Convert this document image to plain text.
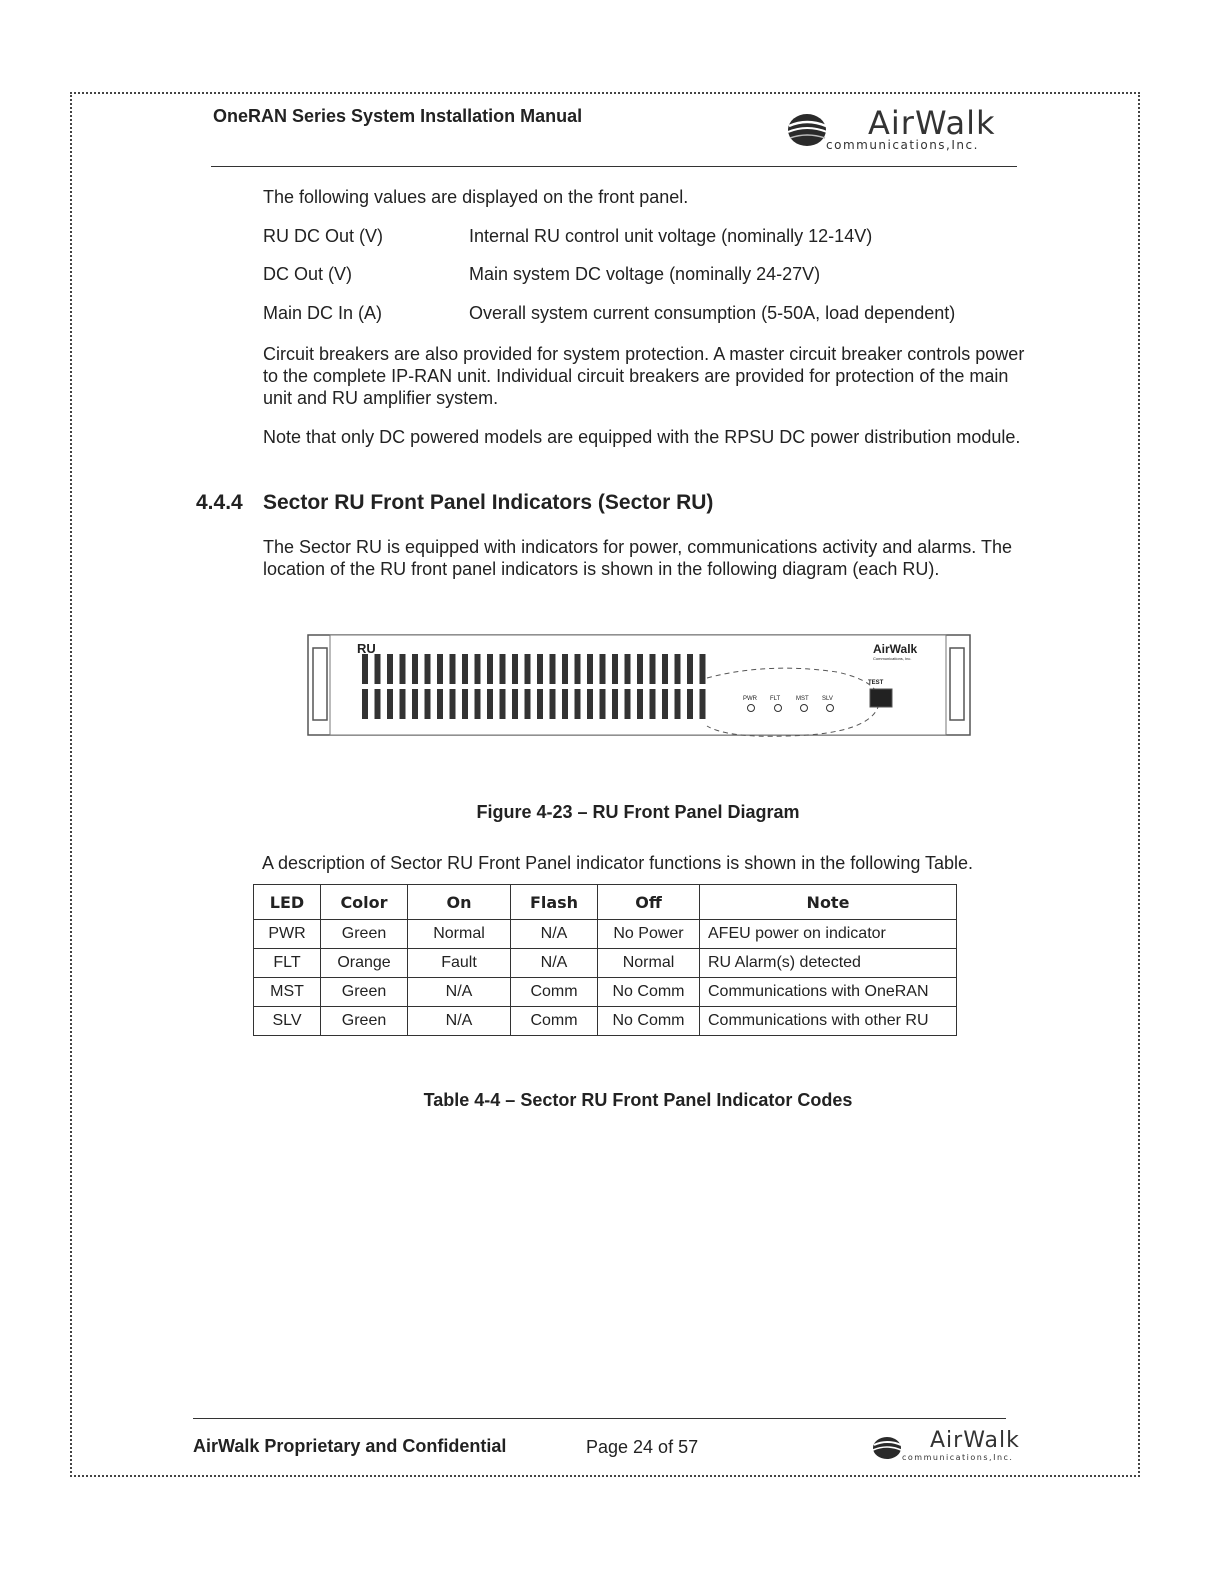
OneRAN Series System Installation Manual	AirWalk
communications,Inc.

The following values are displayed on the front panel.

RU DC Out (V)	Internal RU control unit voltage (nominally 12-14V)
DC Out (V)	Main system DC voltage (nominally 24-27V)
Main DC In (A)	Overall system current consumption (5-50A, load dependent)

Circuit breakers are also provided for system protection. A master circuit breaker controls power to the complete IP-RAN unit. Individual circuit breakers are provided for protection of the main unit and RU amplifier system.

Note that only DC powered models are equipped with the RPSU DC power distribution module.

4.4.4 Sector RU Front Panel Indicators (Sector RU)

The Sector RU is equipped with indicators for power, communications activity and alarms. The location of the RU front panel indicators is shown in the following diagram (each RU).

RU	AirWalk
Communications, Inc.
TEST
PWR FLT	MST SLV
Figure 4-23 – RU Front Panel Diagram

A description of Sector RU Front Panel indicator functions is shown in the following Table.

LED	Color	On	Flash	Off	Note
PWR	Green	Normal	N/A	No Power	AFEU power on indicator
FLT	Orange	Fault	N/A	Normal	RU Alarm(s) detected
MST	Green	N/A	Comm	No Comm	Communications with OneRAN
SLV	Green	N/A	Comm	No Comm	Communications with other RU
Table 4-4 – Sector RU Front Panel Indicator Codes
AirWalk Proprietary and Confidential	Page 24 of 57	AirWalk
communications,Inc.
